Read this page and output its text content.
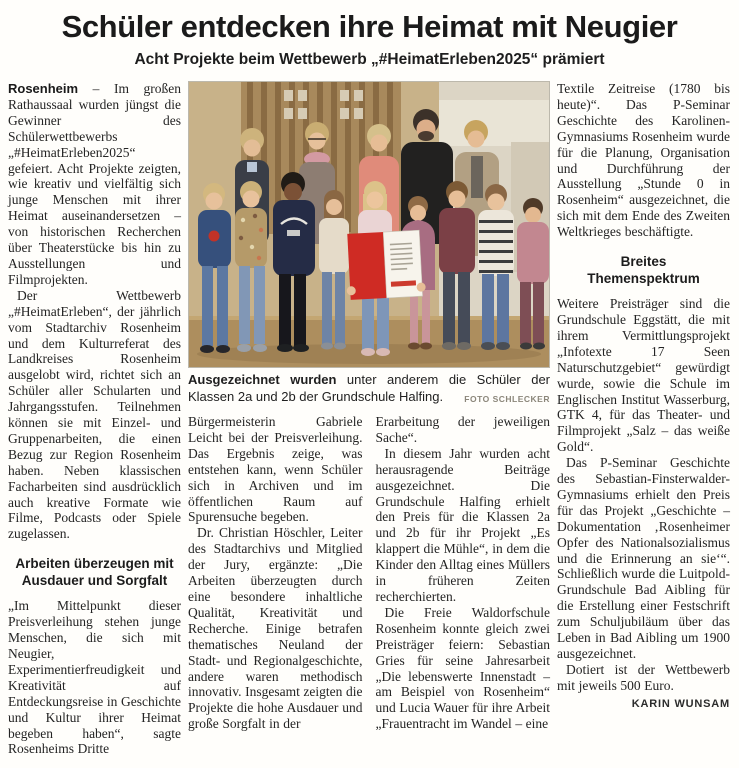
Schüler entdecken ihre Heimat mit Neugier
Acht Projekte beim Wettbewerb „#HeimatErleben2025“ prämiert

Rosenheim – Im großen Rathaussaal wurden jüngst die Gewinner des Schülerwettbewerbs „#HeimatErleben2025“ gefeiert. Acht Projekte zeigten, wie kreativ und vielfältig sich junge Menschen mit ihrer Heimat auseinandersetzen – von historischen Recherchen über Theaterstücke bis hin zu Ausstellungen und Filmprojekten.

Der Wettbewerb „#HeimatErleben“, der jährlich vom Stadtarchiv Rosenheim und dem Kulturreferat des Landkreises Rosenheim ausgelobt wird, richtet sich an Schüler aller Schularten und Jahrgangsstufen. Teilnehmen können sie mit Einzel- und Gruppenarbeiten, die einen Bezug zur Region Rosenheim haben. Neben klassischen Facharbeiten sind ausdrücklich auch kreative Formate wie Filme, Podcasts oder Spiele zugelassen.

Arbeiten überzeugen mit Ausdauer und Sorgfalt

„Im Mittelpunkt dieser Preisverleihung stehen junge Menschen, die sich mit Neugier, Experimentierfreudigkeit und Kreativität auf Entdeckungsreise in Geschichte und Kultur ihrer Heimat begeben haben“, sagte Rosenheims Dritte

Ausgezeichnet wurden unter anderem die Schüler der Klassen 2a und 2b der Grundschule Halfing. FOTO SCHLECKER

Bürgermeisterin Gabriele Leicht bei der Preisverleihung. Das Ergebnis zeige, was entstehen kann, wenn Schüler sich in Archiven und im öffentlichen Raum auf Spurensuche begeben.

Dr. Christian Höschler, Leiter des Stadtarchivs und Mitglied der Jury, ergänzte: „Die Arbeiten überzeugten durch eine besondere inhaltliche Qualität, Kreativität und Recherche. Einige betrafen thematisches Neuland der Stadt- und Regionalgeschichte, andere waren methodisch innovativ. Insgesamt zeigten die Projekte die hohe Ausdauer und große Sorgfalt in der

Erarbeitung der jeweiligen Sache“.

In diesem Jahr wurden acht herausragende Beiträge ausgezeichnet. Die Grundschule Halfing erhielt den Preis für die Klassen 2a und 2b für ihr Projekt „Es klappert die Mühle“, in dem die Kinder den Alltag eines Müllers in früheren Zeiten recherchierten.

Die Freie Waldorfschule Rosenheim konnte gleich zwei Preisträger feiern: Sebastian Gries für seine Jahresarbeit „Die lebenswerte Innenstadt – am Beispiel von Rosenheim“ und Lucia Wauer für ihre Arbeit „Frauentracht im Wandel – eine

Textile Zeitreise (1780 bis heute)“. Das P-Seminar Geschichte des Karolinen-Gymnasiums Rosenheim wurde für die Planung, Organisation und Durchführung der Ausstellung „Stunde 0 in Rosenheim“ ausgezeichnet, die sich mit dem Ende des Zweiten Weltkrieges beschäftigte.

Breites Themenspektrum

Weitere Preisträger sind die Grundschule Eggstätt, die mit ihrem Vermittlungsprojekt „Infotexte 17 Seen Naturschutzgebiet“ gewürdigt wurde, sowie die Schule im Englischen Institut Wasserburg, GTK 4, für das Theater- und Filmprojekt „Salz – das weiße Gold“.

Das P-Seminar Geschichte des Sebastian-Finsterwalder-Gymnasiums erhielt den Preis für das Projekt „Geschichte – Dokumentation ‚Rosenheimer Opfer des Nationalsozialismus und die Erinnerung an sie‘“. Schließlich wurde die Luitpold-Grundschule Bad Aibling für die Erstellung einer Festschrift zum Schuljubiläum über das Leben in Bad Aibling um 1900 ausgezeichnet.

Dotiert ist der Wettbewerb mit jeweils 500 Euro.

KARIN WUNSAM
